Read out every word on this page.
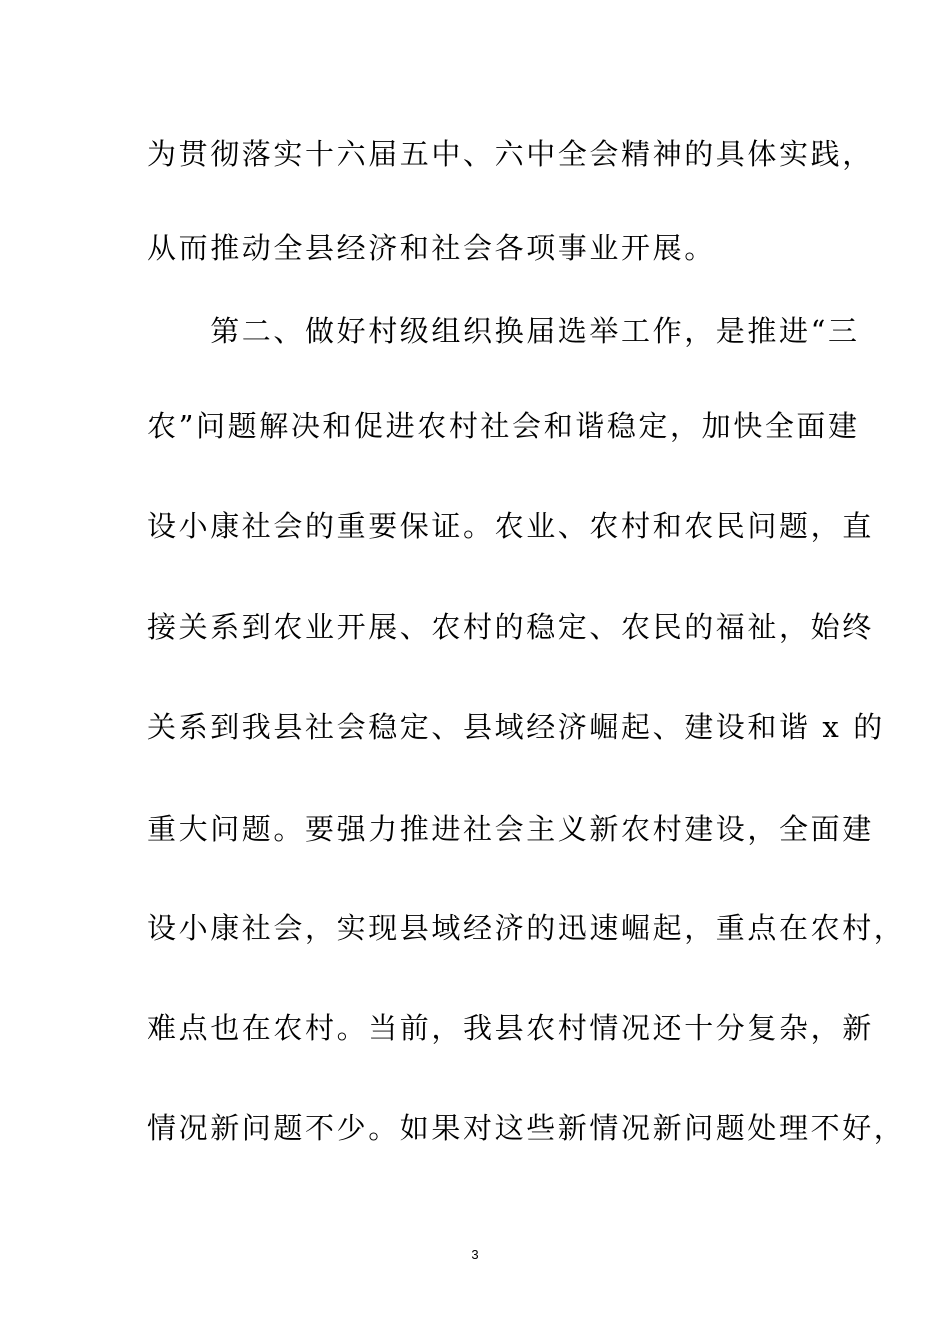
为贯彻落实十六届五中、六中全会精神的具体实践，
从而推动全县经济和社会各项事业开展。
　　第二、做好村级组织换届选举工作，是推进“三
农”问题解决和促进农村社会和谐稳定，加快全面建
设小康社会的重要保证。农业、农村和农民问题，直
接关系到农业开展、农村的稳定、农民的福祉，始终
关系到我县社会稳定、县域经济崛起、建设和谐 x 的
重大问题。要强力推进社会主义新农村建设，全面建
设小康社会，实现县域经济的迅速崛起，重点在农村，
难点也在农村。当前，我县农村情况还十分复杂，新
情况新问题不少。如果对这些新情况新问题处理不好，
3
